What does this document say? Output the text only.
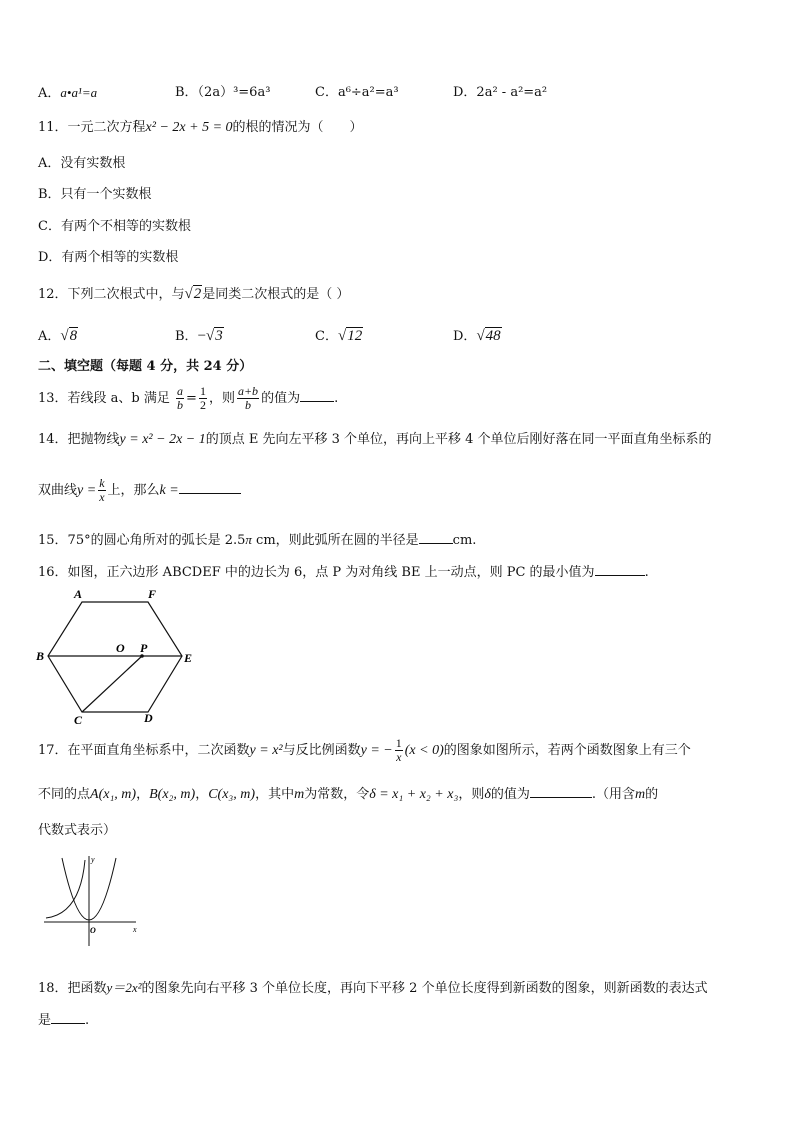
A．a•a¹=a	B．（2a）³=6a³	C．a⁶÷a²=a³	D．2a² - a²=a²
11．一元二次方程x² − 2x + 5 = 0的根的情况为（　　）
A．没有实数根
B．只有一个实数根
C．有两个不相等的实数根
D．有两个相等的实数根
12．下列二次根式中，与√2是同类二次根式的是（ ）
A．√8	B．−√3	C．√12	D．√48
二、填空题（每题 4 分，共 24 分）
13．若线段 a、b 满足 $\frac{a}{b} = \frac{1}{2}$ ，则 $\frac{a+b}{b}$ 的值为	.
14．把抛物线y = x² − 2x − 1的顶点 E 先向左平移 3 个单位，再向上平移 4 个单位后刚好落在同一平面直角坐标系的
双曲线$y = \frac{k}{x}$ 上，那么k =
15．75°的圆心角所对的弧长是 2.5π cm，则此弧所在圆的半径是	cm.
16．如图，正六边形 ABCDEF 中的边长为 6，点 P 为对角线 BE 上一动点，则 PC 的最小值为	.
A	F
B	E
O P
C	D
17．在平面直角坐标系中，二次函数y = x²与反比例函数y = − $\frac{1}{x} (x < 0)$的图象如图所示，若两个函数图象上有三个
不同的点A(x₁, m)，B(x₂, m)，C(x₃, m)，其中m为常数，令δ = x₁ + x₂ + x₃，则δ的值为	.（用含m的
代数式表示）
y
x
O
18．把函数y＝2x²的图象先向右平移 3 个单位长度，再向下平移 2 个单位长度得到新函数的图象，则新函数的表达式
是	.
